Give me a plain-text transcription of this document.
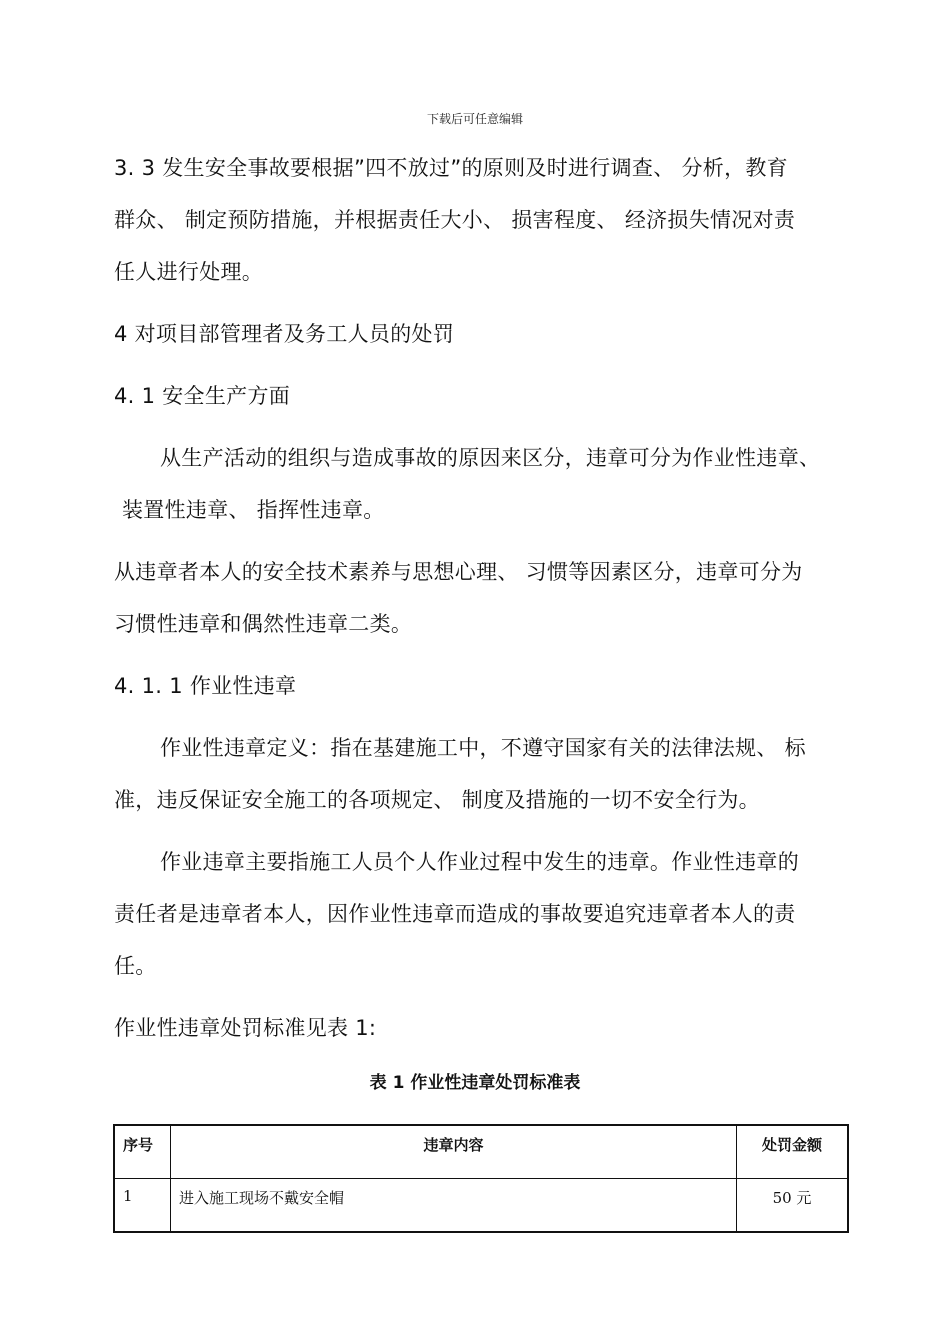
下载后可任意编辑
3. 3 发生安全事故要根据”四不放过”的原则及时进行调查、 分析，教育
群众、 制定预防措施，并根据责任大小、 损害程度、 经济损失情况对责
任人进行处理。
4 对项目部管理者及务工人员的处罚
4. 1 安全生产方面
从生产活动的组织与造成事故的原因来区分，违章可分为作业性违章、
装置性违章、 指挥性违章。
从违章者本人的安全技术素养与思想心理、 习惯等因素区分，违章可分为
习惯性违章和偶然性违章二类。
4. 1. 1 作业性违章
作业性违章定义：指在基建施工中，不遵守国家有关的法律法规、 标
准，违反保证安全施工的各项规定、 制度及措施的一切不安全行为。
作业违章主要指施工人员个人作业过程中发生的违章。作业性违章的
责任者是违章者本人，因作业性违章而造成的事故要追究违章者本人的责
任。
作业性违章处罚标准见表 1:
表 1 作业性违章处罚标准表
序号	违章内容	处罚金额
1	进入施工现场不戴安全帽	50 元
